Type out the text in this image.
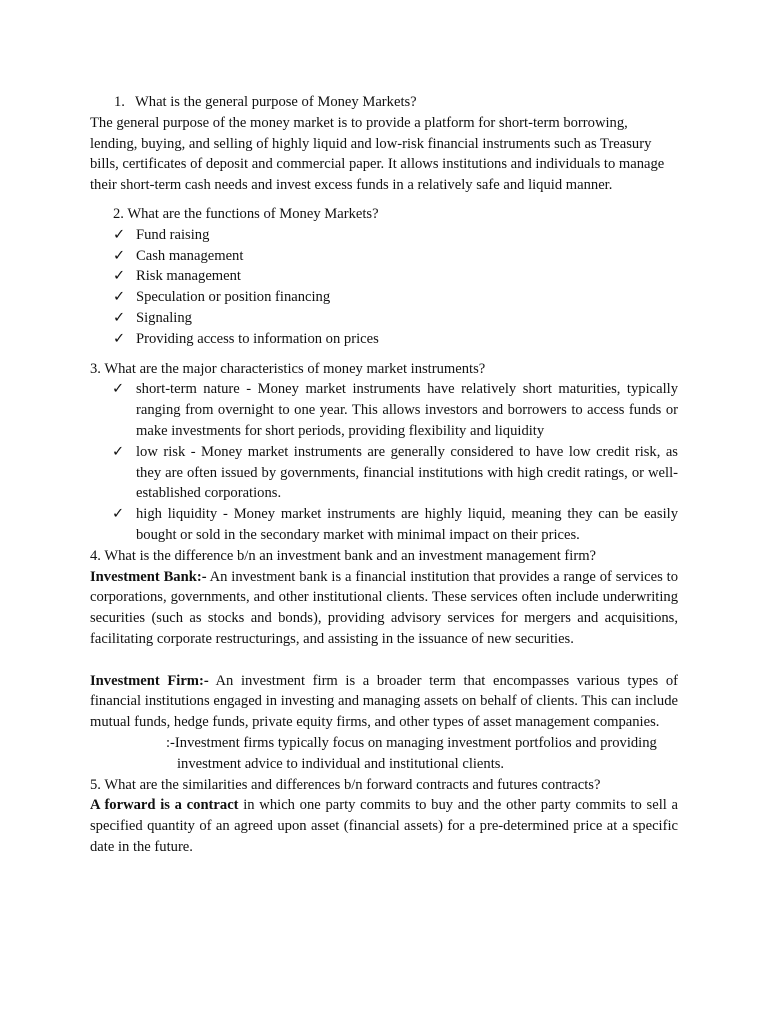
1. What is the general purpose of Money Markets?

The general purpose of the money market is to provide a platform for short-term borrowing, lending, buying, and selling of highly liquid and low-risk financial instruments such as Treasury bills, certificates of deposit and commercial paper. It allows institutions and individuals to manage their short-term cash needs and invest excess funds in a relatively safe and liquid manner.

2. What are the functions of Money Markets?

✓ Fund raising
✓ Cash management
✓ Risk management
✓ Speculation or position financing
✓ Signaling
✓ Providing access to information on prices

3. What are the major characteristics of money market instruments?

✓ short-term nature - Money market instruments have relatively short maturities, typically ranging from overnight to one year. This allows investors and borrowers to access funds or make investments for short periods, providing flexibility and liquidity
✓ low risk - Money market instruments are generally considered to have low credit risk, as they are often issued by governments, financial institutions with high credit ratings, or well-established corporations.
✓ high liquidity - Money market instruments are highly liquid, meaning they can be easily bought or sold in the secondary market with minimal impact on their prices.

4. What is the difference b/n an investment bank and an investment management firm?

Investment Bank:- An investment bank is a financial institution that provides a range of services to corporations, governments, and other institutional clients. These services often include underwriting securities (such as stocks and bonds), providing advisory services for mergers and acquisitions, facilitating corporate restructurings, and assisting in the issuance of new securities.

Investment Firm:- An investment firm is a broader term that encompasses various types of financial institutions engaged in investing and managing assets on behalf of clients. This can include mutual funds, hedge funds, private equity firms, and other types of asset management companies.

:-Investment firms typically focus on managing investment portfolios and providing
investment advice to individual and institutional clients.

5. What are the similarities and differences b/n forward contracts and futures contracts?

A forward is a contract in which one party commits to buy and the other party commits to sell a specified quantity of an agreed upon asset (financial assets) for a pre-determined price at a specific date in the future.
